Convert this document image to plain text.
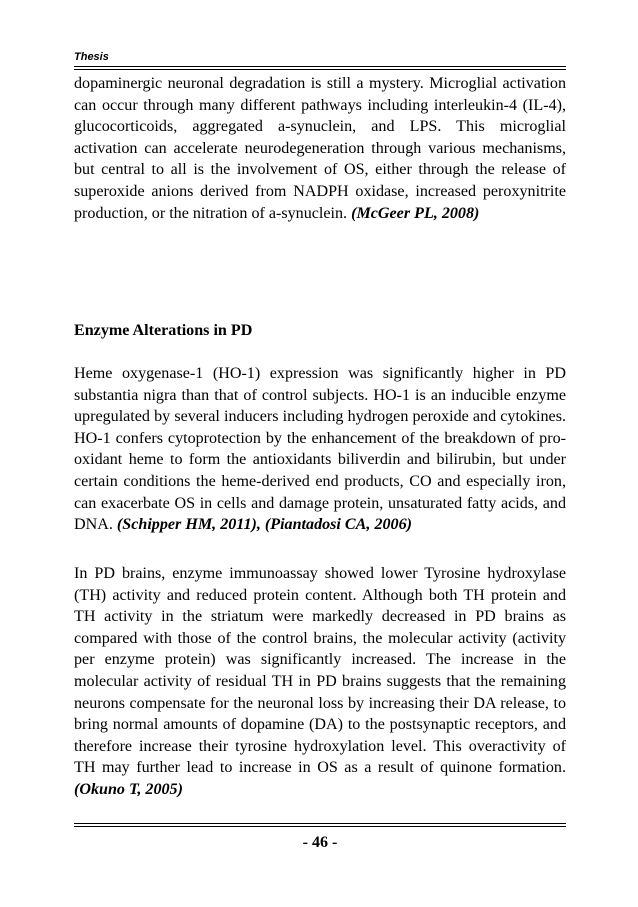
Thesis

dopaminergic neuronal degradation is still a mystery. Microglial activation can occur through many different pathways including interleukin-4 (IL-4), glucocorticoids, aggregated a-synuclein, and LPS. This microglial activation can accelerate neurodegeneration through various mechanisms, but central to all is the involvement of OS, either through the release of superoxide anions derived from NADPH oxidase, increased peroxynitrite production, or the nitration of a-synuclein. (McGeer PL, 2008)

Enzyme Alterations in PD

Heme oxygenase-1 (HO-1) expression was significantly higher in PD substantia nigra than that of control subjects. HO-1 is an inducible enzyme upregulated by several inducers including hydrogen peroxide and cytokines. HO-1 confers cytoprotection by the enhancement of the breakdown of pro-oxidant heme to form the antioxidants biliverdin and bilirubin, but under certain conditions the heme-derived end products, CO and especially iron, can exacerbate OS in cells and damage protein, unsaturated fatty acids, and DNA. (Schipper HM, 2011), (Piantadosi CA, 2006)

In PD brains, enzyme immunoassay showed lower Tyrosine hydroxylase (TH) activity and reduced protein content. Although both TH protein and TH activity in the striatum were markedly decreased in PD brains as compared with those of the control brains, the molecular activity (activity per enzyme protein) was significantly increased. The increase in the molecular activity of residual TH in PD brains suggests that the remaining neurons compensate for the neuronal loss by increasing their DA release, to bring normal amounts of dopamine (DA) to the postsynaptic receptors, and therefore increase their tyrosine hydroxylation level. This overactivity of TH may further lead to increase in OS as a result of quinone formation. (Okuno T, 2005)

- 46 -
